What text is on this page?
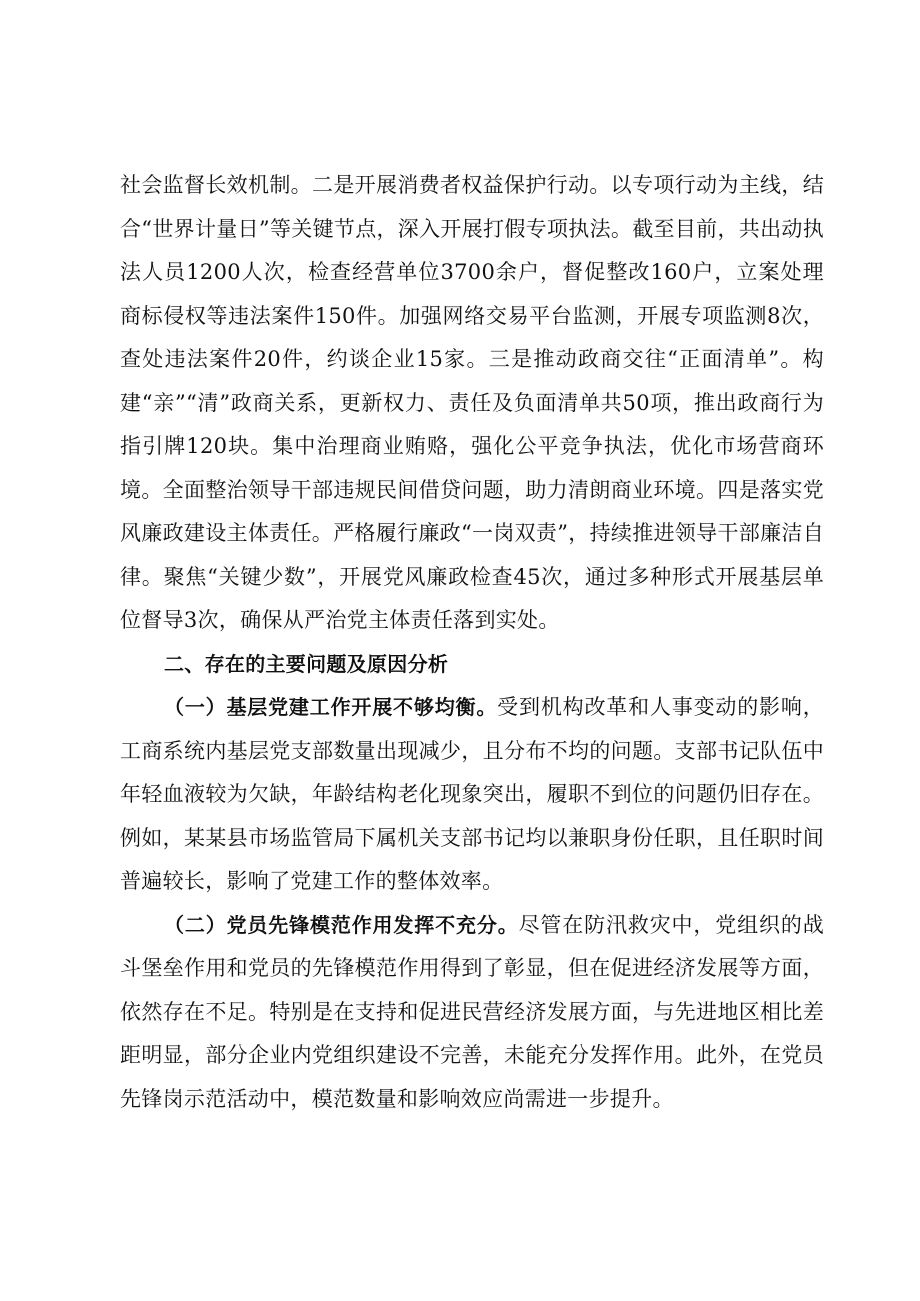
社会监督长效机制。二是开展消费者权益保护行动。以专项行动为主线，结合“世界计量日”等关键节点，深入开展打假专项执法。截至目前，共出动执法人员1200人次，检查经营单位3700余户，督促整改160户，立案处理商标侵权等违法案件150件。加强网络交易平台监测，开展专项监测8次，查处违法案件20件，约谈企业15家。三是推动政商交往“正面清单”。构建“亲”“清”政商关系，更新权力、责任及负面清单共50项，推出政商行为指引牌120块。集中治理商业贿赂，强化公平竞争执法，优化市场营商环境。全面整治领导干部违规民间借贷问题，助力清朗商业环境。四是落实党风廉政建设主体责任。严格履行廉政“一岗双责”，持续推进领导干部廉洁自律。聚焦“关键少数”，开展党风廉政检查45次，通过多种形式开展基层单位督导3次，确保从严治党主体责任落到实处。

二、存在的主要问题及原因分析

（一）基层党建工作开展不够均衡。受到机构改革和人事变动的影响，工商系统内基层党支部数量出现减少，且分布不均的问题。支部书记队伍中年轻血液较为欠缺，年龄结构老化现象突出，履职不到位的问题仍旧存在。例如，某某县市场监管局下属机关支部书记均以兼职身份任职，且任职时间普遍较长，影响了党建工作的整体效率。

（二）党员先锋模范作用发挥不充分。尽管在防汛救灾中，党组织的战斗堡垒作用和党员的先锋模范作用得到了彰显，但在促进经济发展等方面，依然存在不足。特别是在支持和促进民营经济发展方面，与先进地区相比差距明显，部分企业内党组织建设不完善，未能充分发挥作用。此外，在党员先锋岗示范活动中，模范数量和影响效应尚需进一步提升。
